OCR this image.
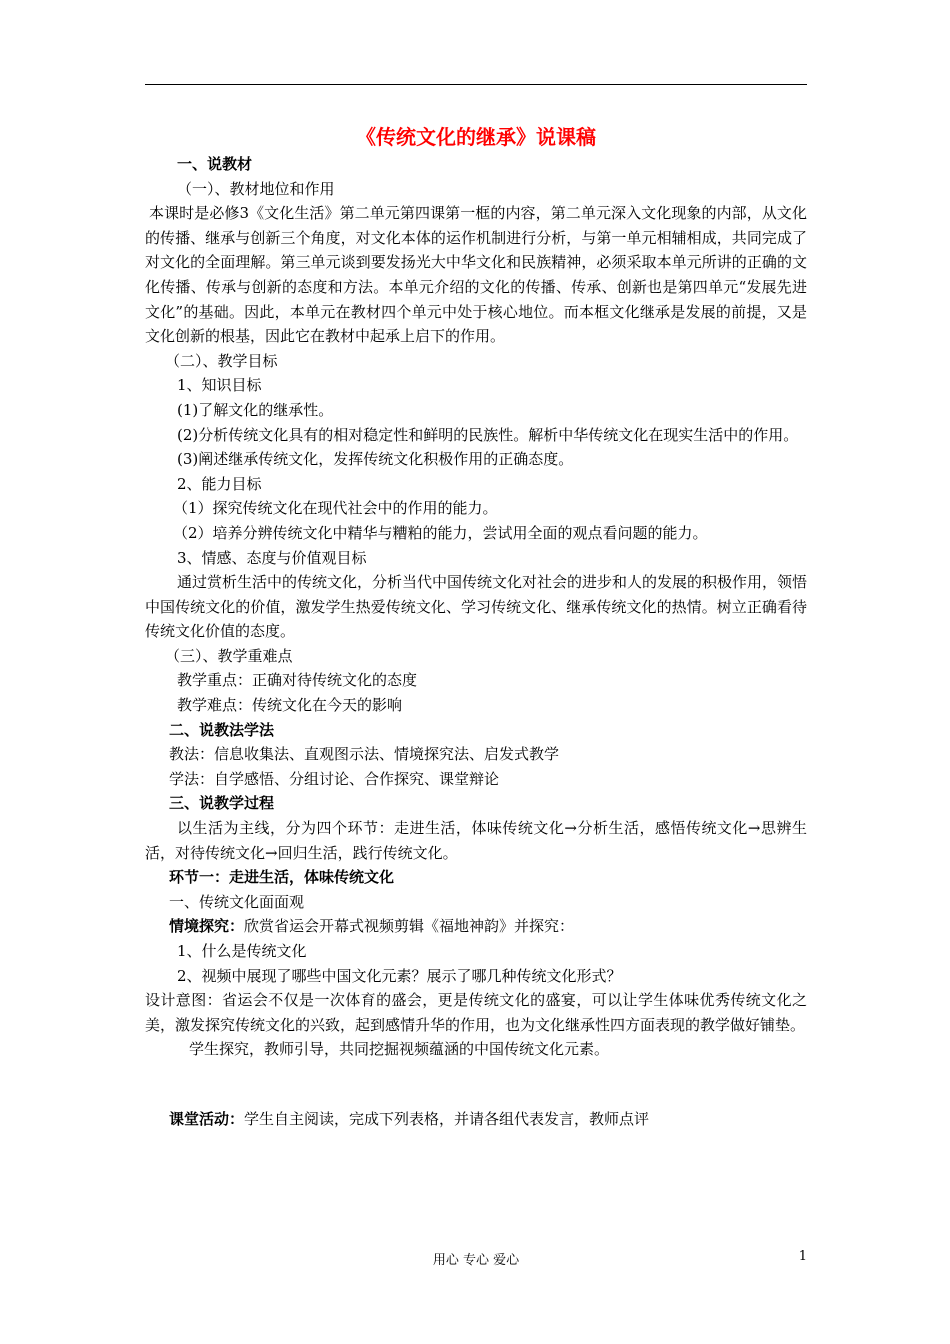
《传统文化的继承》说课稿

一、说教材

（一）、教材地位和作用

本课时是必修3《文化生活》第二单元第四课第一框的内容，第二单元深入文化现象的内部，从文化的传播、继承与创新三个角度，对文化本体的运作机制进行分析，与第一单元相辅相成，共同完成了对文化的全面理解。第三单元谈到要发扬光大中华文化和民族精神，必须采取本单元所讲的正确的文化传播、传承与创新的态度和方法。本单元介绍的文化的传播、传承、创新也是第四单元“发展先进文化”的基础。因此，本单元在教材四个单元中处于核心地位。而本框文化继承是发展的前提，又是文化创新的根基，因此它在教材中起承上启下的作用。

（二）、教学目标

1、知识目标

(1)了解文化的继承性。

(2)分析传统文化具有的相对稳定性和鲜明的民族性。解析中华传统文化在现实生活中的作用。

(3)阐述继承传统文化，发挥传统文化积极作用的正确态度。

2、能力目标

（1）探究传统文化在现代社会中的作用的能力。

（2）培养分辨传统文化中精华与糟粕的能力，尝试用全面的观点看问题的能力。

3、情感、态度与价值观目标

通过赏析生活中的传统文化，分析当代中国传统文化对社会的进步和人的发展的积极作用，领悟中国传统文化的价值，激发学生热爱传统文化、学习传统文化、继承传统文化的热情。树立正确看待传统文化价值的态度。

（三）、教学重难点

教学重点：正确对待传统文化的态度

教学难点：传统文化在今天的影响

二、说教法学法

教法：信息收集法、直观图示法、情境探究法、启发式教学

学法：自学感悟、分组讨论、合作探究、课堂辩论

三、说教学过程

以生活为主线，分为四个环节：走进生活，体味传统文化→分析生活，感悟传统文化→思辨生活，对待传统文化→回归生活，践行传统文化。

环节一：走进生活，体味传统文化

一、传统文化面面观

情境探究：欣赏省运会开幕式视频剪辑《福地神韵》并探究：

1、什么是传统文化

2、视频中展现了哪些中国文化元素？展示了哪几种传统文化形式？

设计意图：省运会不仅是一次体育的盛会，更是传统文化的盛宴，可以让学生体味优秀传统文化之美，激发探究传统文化的兴致，起到感情升华的作用，也为文化继承性四方面表现的教学做好铺垫。

学生探究，教师引导，共同挖掘视频蕴涵的中国传统文化元素。

课堂活动：学生自主阅读，完成下列表格，并请各组代表发言，教师点评

用心 专心 爱心	1
